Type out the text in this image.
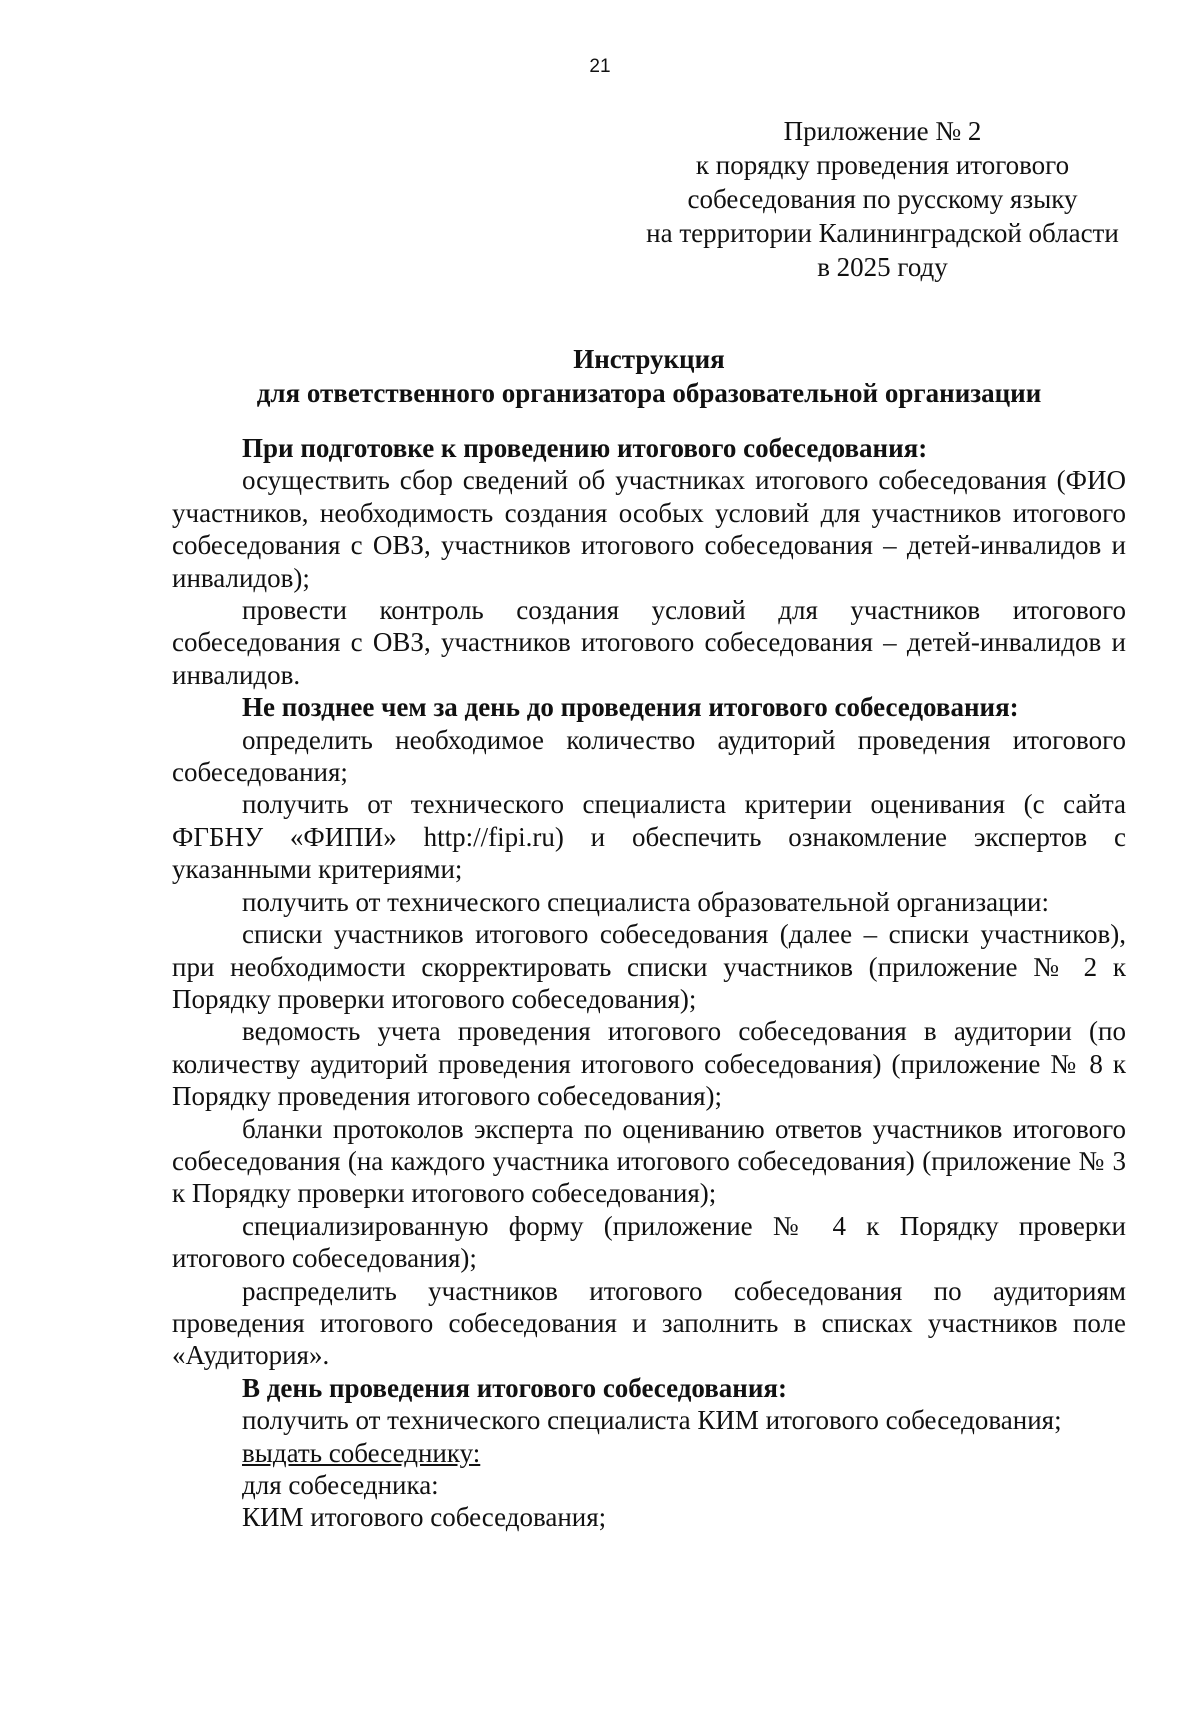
21
Приложение № 2
к порядку проведения итогового
собеседования по русскому языку
на территории Калининградской области
в 2025 году
Инструкция
для ответственного организатора образовательной организации
При подготовке к проведению итогового собеседования:

осуществить сбор сведений об участниках итогового собеседования (ФИО участников, необходимость создания особых условий для участников итогового собеседования с ОВЗ, участников итогового собеседования – детей-инвалидов и инвалидов);

провести контроль создания условий для участников итогового собеседования с ОВЗ, участников итогового собеседования – детей-инвалидов и инвалидов.

Не позднее чем за день до проведения итогового собеседования:

определить необходимое количество аудиторий проведения итогового собеседования;

получить от технического специалиста критерии оценивания (с сайта ФГБНУ «ФИПИ» http://fipi.ru) и обеспечить ознакомление экспертов с указанными критериями;

получить от технического специалиста образовательной организации:

списки участников итогового собеседования (далее – списки участников), при необходимости скорректировать списки участников (приложение № 2 к Порядку проверки итогового собеседования);

ведомость учета проведения итогового собеседования в аудитории (по количеству аудиторий проведения итогового собеседования) (приложение № 8 к Порядку проведения итогового собеседования);

бланки протоколов эксперта по оцениванию ответов участников итогового собеседования (на каждого участника итогового собеседования) (приложение № 3 к Порядку проверки итогового собеседования);

специализированную форму (приложение № 4 к Порядку проверки итогового собеседования);

распределить участников итогового собеседования по аудиториям проведения итогового собеседования и заполнить в списках участников поле «Аудитория».

В день проведения итогового собеседования:

получить от технического специалиста КИМ итогового собеседования;

выдать собеседнику:

для собеседника:

КИМ итогового собеседования;
